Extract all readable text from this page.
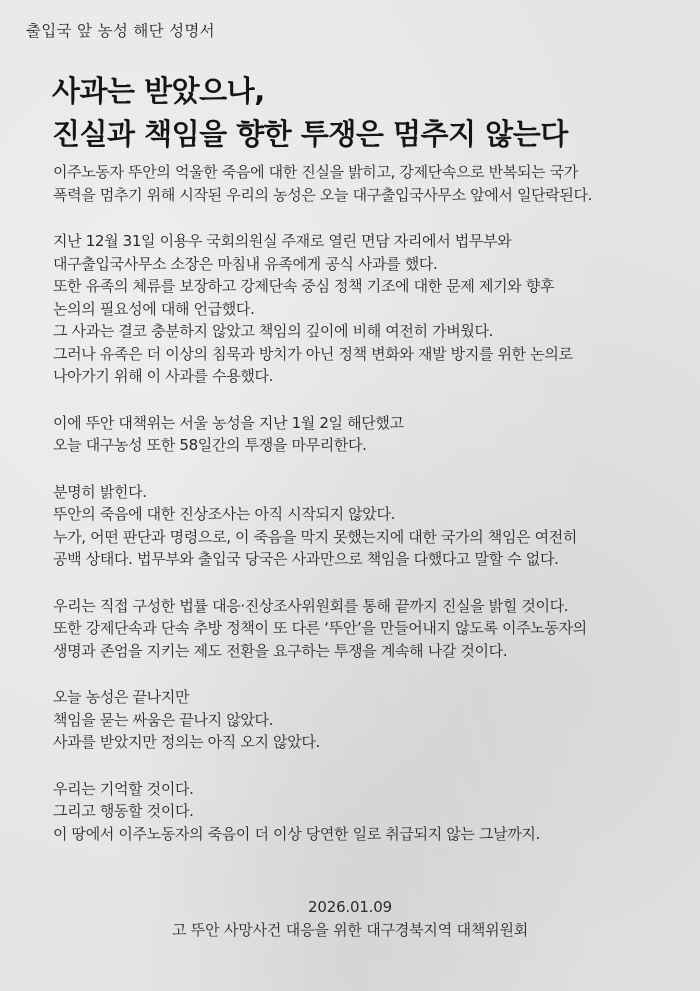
출입국 앞 농성 해단 성명서
사과는 받았으나,
진실과 책임을 향한 투쟁은 멈추지 않는다
이주노동자 뚜안의 억울한 죽음에 대한 진실을 밝히고, 강제단속으로 반복되는 국가
폭력을 멈추기 위해 시작된 우리의 농성은 오늘 대구출입국사무소 앞에서 일단락된다.
지난 12월 31일 이용우 국회의원실 주재로 열린 면담 자리에서 법무부와
대구출입국사무소 소장은 마침내 유족에게 공식 사과를 했다.
또한 유족의 체류를 보장하고 강제단속 중심 정책 기조에 대한 문제 제기와 향후
논의의 필요성에 대해 언급했다.
그 사과는 결코 충분하지 않았고 책임의 깊이에 비해 여전히 가벼웠다.
그러나 유족은 더 이상의 침묵과 방치가 아닌 정책 변화와 재발 방지를 위한 논의로
나아가기 위해 이 사과를 수용했다.
이에 뚜안 대책위는 서울 농성을 지난 1월 2일 해단했고
오늘 대구농성 또한 58일간의 투쟁을 마무리한다.
분명히 밝힌다.
뚜안의 죽음에 대한 진상조사는 아직 시작되지 않았다.
누가, 어떤 판단과 명령으로, 이 죽음을 막지 못했는지에 대한 국가의 책임은 여전히
공백 상태다. 법무부와 출입국 당국은 사과만으로 책임을 다했다고 말할 수 없다.
우리는 직접 구성한 법률 대응·진상조사위원회를 통해 끝까지 진실을 밝힐 것이다.
또한 강제단속과 단속 추방 정책이 또 다른 ‘뚜안’을 만들어내지 않도록 이주노동자의
생명과 존엄을 지키는 제도 전환을 요구하는 투쟁을 계속해 나갈 것이다.
오늘 농성은 끝나지만
책임을 묻는 싸움은 끝나지 않았다.
사과를 받았지만 정의는 아직 오지 않았다.
우리는 기억할 것이다.
그리고 행동할 것이다.
이 땅에서 이주노동자의 죽음이 더 이상 당연한 일로 취급되지 않는 그날까지.
2026.01.09
고 뚜안 사망사건 대응을 위한 대구경북지역 대책위원회
